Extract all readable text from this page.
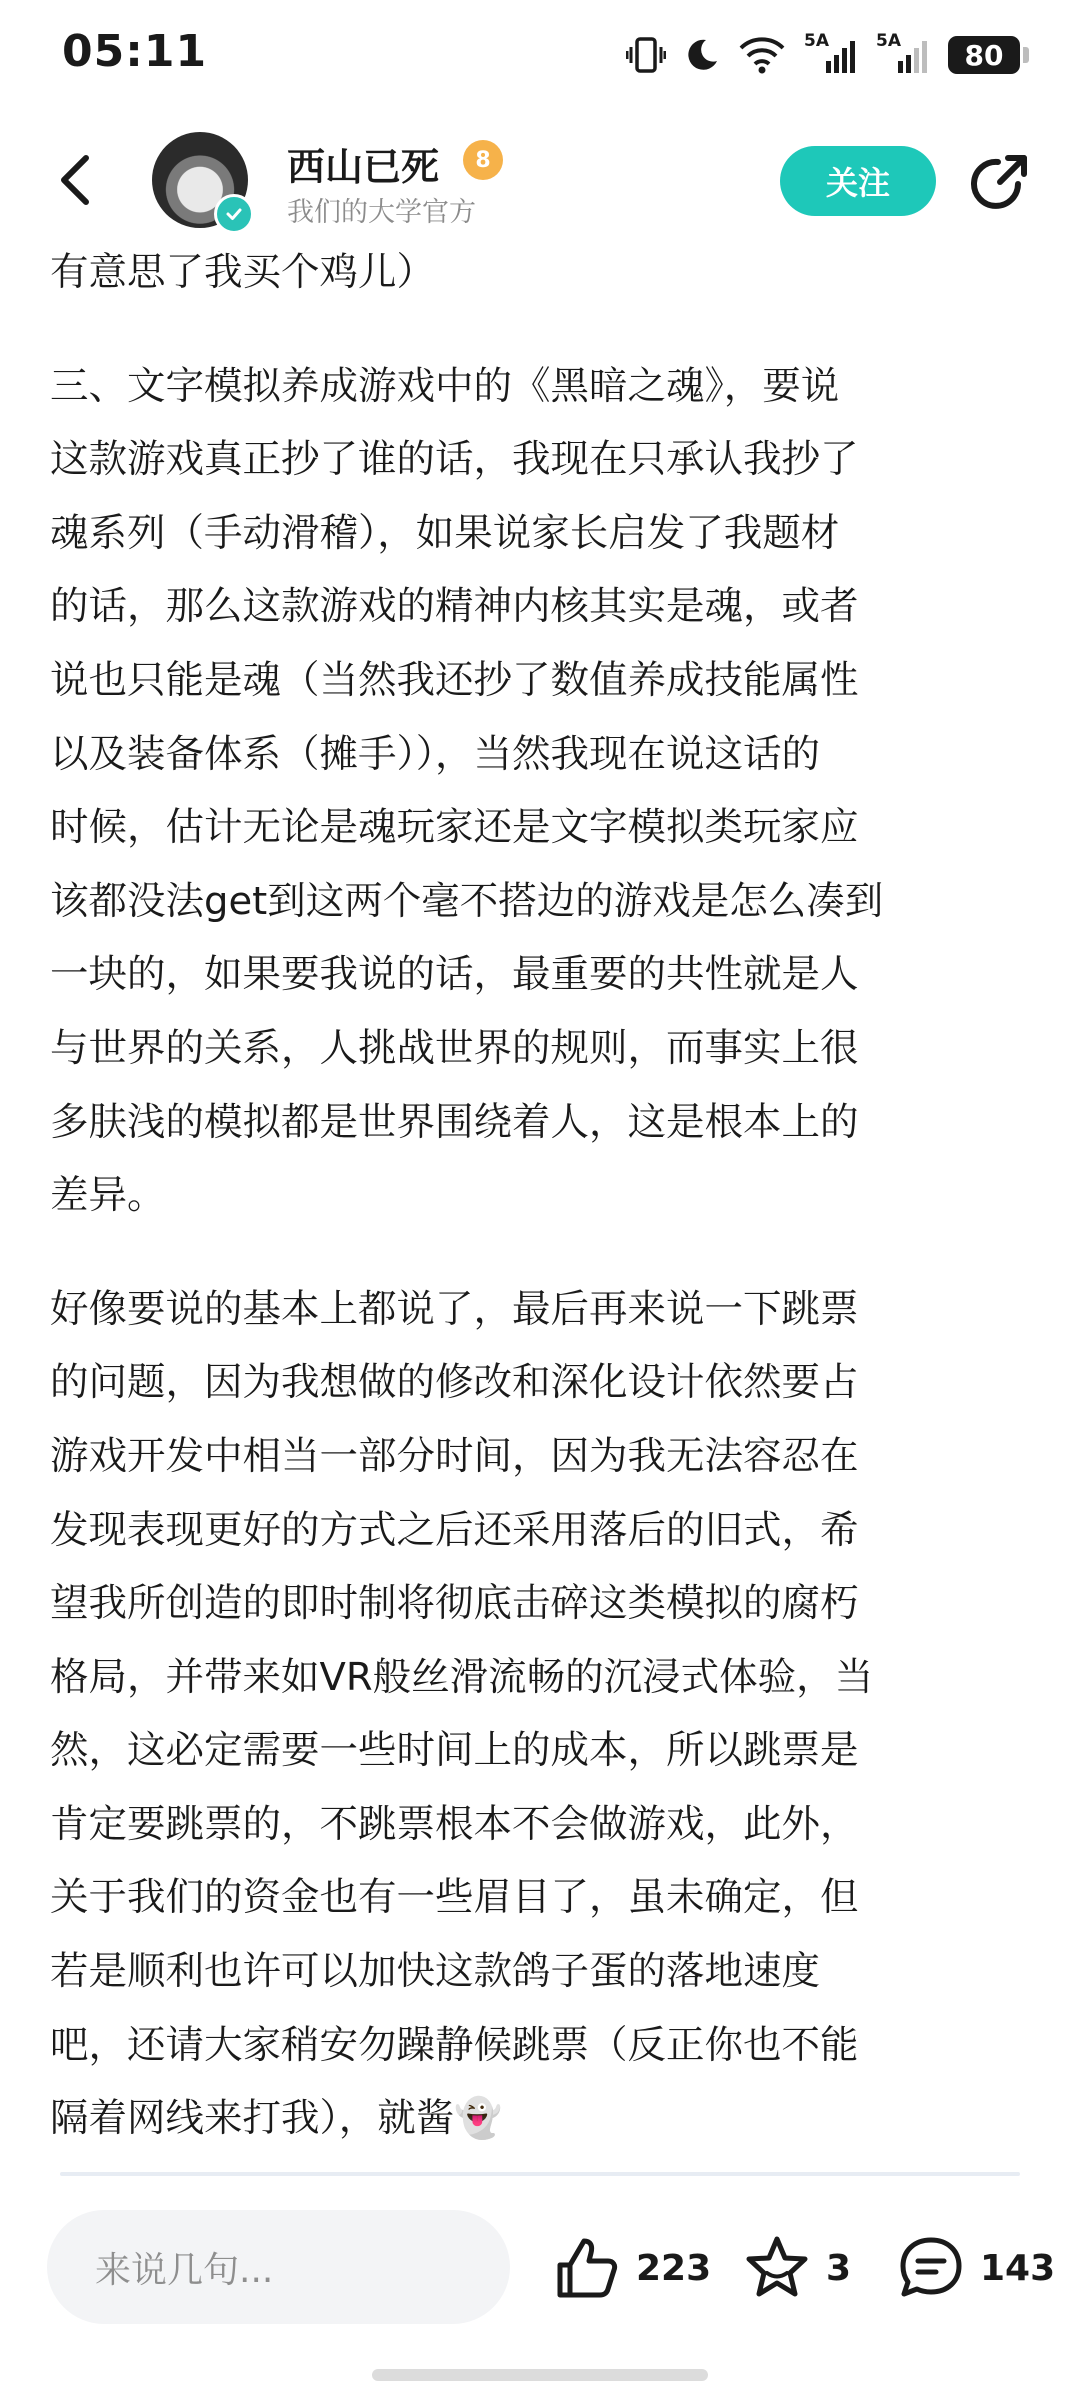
05:11	5A	5A	80
西山已死 8
我们的大学官方
关注
有意思了我买个鸡儿）
三、文字模拟养成游戏中的《黑暗之魂》，要说
这款游戏真正抄了谁的话，我现在只承认我抄了
魂系列（手动滑稽），如果说家长启发了我题材
的话，那么这款游戏的精神内核其实是魂，或者
说也只能是魂（当然我还抄了数值养成技能属性
以及装备体系（摊手）），当然我现在说这话的
时候，估计无论是魂玩家还是文字模拟类玩家应
该都没法get到这两个毫不搭边的游戏是怎么凑到
一块的，如果要我说的话，最重要的共性就是人
与世界的关系，人挑战世界的规则，而事实上很
多肤浅的模拟都是世界围绕着人，这是根本上的
差异。
好像要说的基本上都说了，最后再来说一下跳票
的问题，因为我想做的修改和深化设计依然要占
游戏开发中相当一部分时间，因为我无法容忍在
发现表现更好的方式之后还采用落后的旧式，希
望我所创造的即时制将彻底击碎这类模拟的腐朽
格局，并带来如VR般丝滑流畅的沉浸式体验，当
然，这必定需要一些时间上的成本，所以跳票是
肯定要跳票的，不跳票根本不会做游戏，此外，
关于我们的资金也有一些眉目了，虽未确定，但
若是顺利也许可以加快这款鸽子蛋的落地速度
吧，还请大家稍安勿躁静候跳票（反正你也不能
隔着网线来打我），就酱👻
来说几句...	223	3	143
